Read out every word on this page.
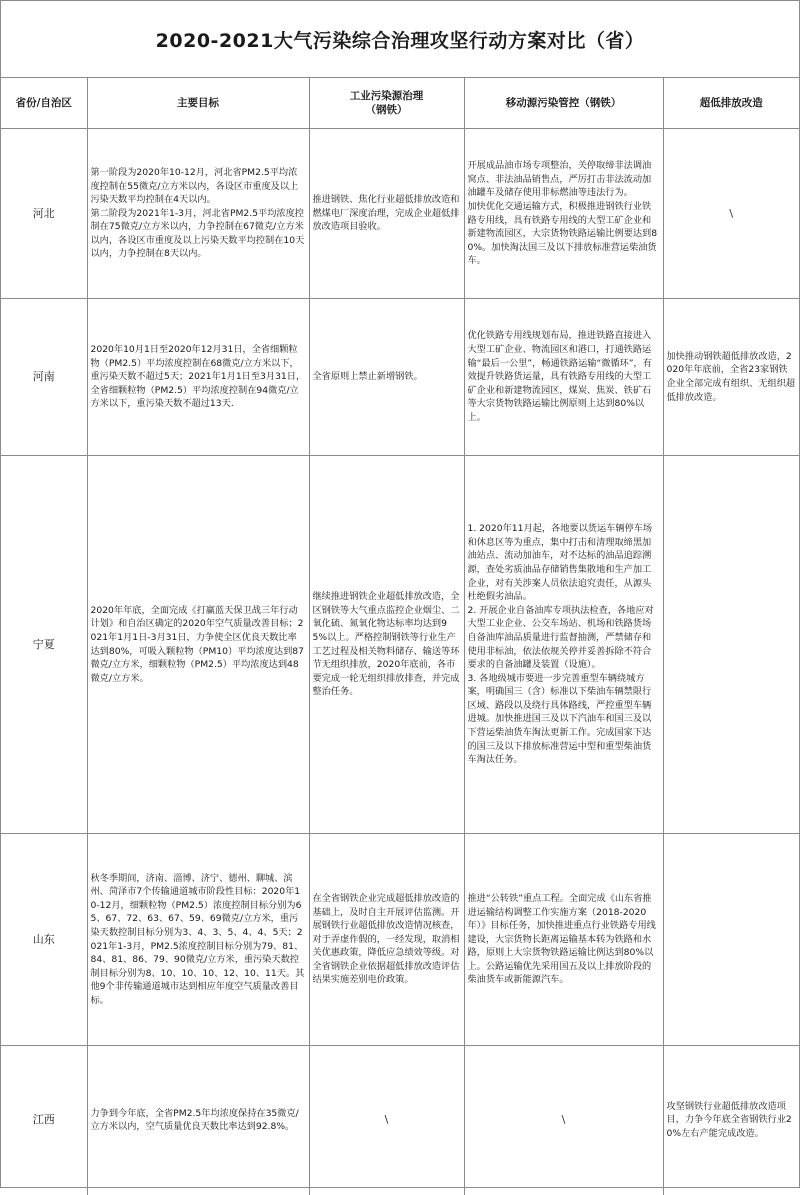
2020-2021大气污染综合治理攻坚行动方案对比（省）
省份/自治区	主要目标	工业污染源治理
（钢铁）	移动源污染管控（钢铁）	超低排放改造
河北	第一阶段为2020年10-12月，河北省PM2.5平均浓度控制在55微克/立方米以内，各设区市重度及以上污染天数平均控制在4天以内。
第二阶段为2021年1-3月，河北省PM2.5平均浓度控制在75微克/立方米以内，力争控制在67微克/立方米以内，各设区市重度及以上污染天数平均控制在10天以内，力争控制在8天以内。	推进钢铁、焦化行业超低排放改造和燃煤电厂深度治理，完成企业超低排放改造项目验收。	开展成品油市场专项整治，关停取缔非法调油窝点、非法油品销售点，严厉打击非法流动加油罐车及储存使用非标燃油等违法行为。
加快优化交通运输方式，积极推进钢铁行业铁路专用线，具有铁路专用线的大型工矿企业和新建物流园区，大宗货物铁路运输比例要达到80%。加快淘汰国三及以下排放标准营运柴油货车。	\
河南	2020年10月1日至2020年12月31日，全省细颗粒物（PM2.5）平均浓度控制在68微克/立方米以下，重污染天数不超过5天；2021年1月1日至3月31日，全省细颗粒物（PM2.5）平均浓度控制在94微克/立方米以下，重污染天数不超过13天.	全省原则上禁止新增钢铁。	优化铁路专用线规划布局，推进铁路直接进入大型工矿企业、物流园区和港口，打通铁路运输“最后一公里”，畅通铁路运输“微循环”，有效提升铁路货运量，具有铁路专用线的大型工矿企业和新建物流园区，煤炭、焦炭、铁矿石等大宗货物铁路运输比例原则上达到80%以上。	加快推动钢铁超低排放改造，2020年年底前，全省23家钢铁企业全部完成有组织、无组织超低排放改造。

宁夏	2020年年底，全面完成《打赢蓝天保卫战三年行动计划》和自治区确定的2020年空气质量改善目标；2021年1月1日-3月31日，力争使全区优良天数比率达到80%，可吸入颗粒物（PM10）平均浓度达到87微克/立方米，细颗粒物（PM2.5）平均浓度达到48微克/立方米。	继续推进钢铁企业超低排放改造，全区钢铁等大气重点监控企业烟尘、二氧化硫、氮氧化物达标率均达到95%以上。严格控制钢铁等行业生产工艺过程及相关物料储存、输送等环节无组织排放，2020年底前，各市要完成一轮无组织排放排查，并完成整治任务。	1. 2020年11月起，各地要以货运车辆停车场和休息区等为重点，集中打击和清理取缔黑加油站点、流动加油车，对不达标的油品追踪溯源，查处劣质油品存储销售集散地和生产加工企业，对有关涉案人员依法追究责任，从源头杜绝假劣油品。
2. 开展企业自备油库专项执法检查，各地应对大型工业企业、公交车场站、机场和铁路货场自备油库油品质量进行监督抽测，严禁储存和使用非标油，依法依规关停并妥善拆除不符合要求的自备油罐及装置（设施）。
3. 各地级城市要进一步完善重型车辆绕城方案，明确国三（含）标准以下柴油车辆禁限行区域、路段以及绕行具体路线，严控重型车辆进城。加快推进国三及以下汽油车和国三及以下营运柴油货车淘汰更新工作。完成国家下达的国三及以下排放标准营运中型和重型柴油货车淘汰任务。	

山东	秋冬季期间，济南、淄博、济宁、德州、聊城、滨州、菏泽市7个传输通道城市阶段性目标：2020年10-12月，细颗粒物（PM2.5）浓度控制目标分别为65、67、72、63、67、59、69微克/立方米，重污染天数控制目标分别为3、4、3、5、4、4、5天；2021年1-3月，PM2.5浓度控制目标分别为79、81、84、81、86、79、90微克/立方米，重污染天数控制目标分别为8、10、10、10、12、10、11天。其他9个非传输通道城市达到相应年度空气质量改善目标。	在全省钢铁企业完成超低排放改造的基础上，及时自主开展评估监测。开展钢铁行业超低排放改造情况核查，对于弄虚作假的，一经发现，取消相关优惠政策，降低应急绩效等级。对全省钢铁企业依据超低排放改造评估结果实施差别电价政策。	推进“公转铁”重点工程。全面完成《山东省推进运输结构调整工作实施方案（2018-2020年）》目标任务，加快推进重点行业铁路专用线建设，大宗货物长距离运输基本转为铁路和水路，原则上大宗货物铁路运输比例达到80%以上。公路运输优先采用国五及以上排放阶段的柴油货车或新能源汽车。	

江西	力争到今年底，全省PM2.5年均浓度保持在35微克/立方米以内，空气质量优良天数比率达到92.8%。	\	\	攻坚钢铁行业超低排放改造项目，力争今年底全省钢铁行业20%左右产能完成改造。
